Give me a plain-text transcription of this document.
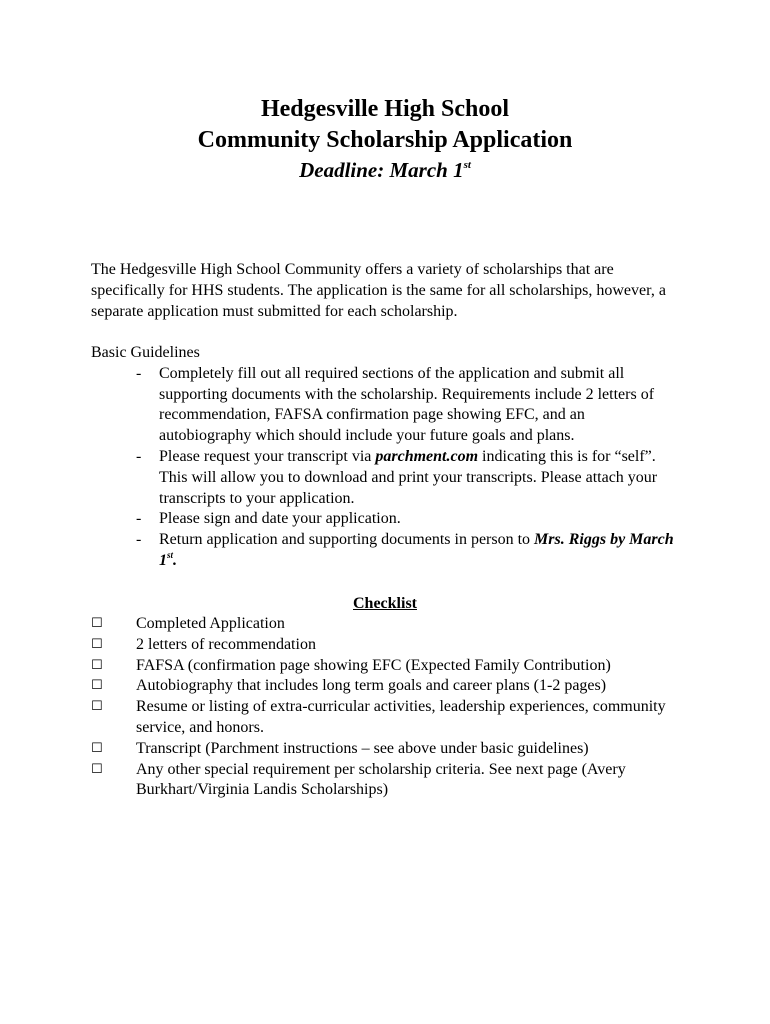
Hedgesville High School
Community Scholarship Application
Deadline: March 1st
The Hedgesville High School Community offers a variety of scholarships that are specifically for HHS students. The application is the same for all scholarships, however, a separate application must submitted for each scholarship.
Basic Guidelines
- Completely fill out all required sections of the application and submit all supporting documents with the scholarship. Requirements include 2 letters of recommendation, FAFSA confirmation page showing EFC, and an autobiography which should include your future goals and plans.
- Please request your transcript via parchment.com indicating this is for “self”. This will allow you to download and print your transcripts. Please attach your transcripts to your application.
- Please sign and date your application.
- Return application and supporting documents in person to Mrs. Riggs by March 1st.
Checklist
☐ Completed Application
☐ 2 letters of recommendation
☐ FAFSA (confirmation page showing EFC (Expected Family Contribution)
☐ Autobiography that includes long term goals and career plans (1-2 pages)
☐ Resume or listing of extra-curricular activities, leadership experiences, community service, and honors.
☐ Transcript (Parchment instructions – see above under basic guidelines)
☐ Any other special requirement per scholarship criteria. See next page (Avery Burkhart/Virginia Landis Scholarships)
